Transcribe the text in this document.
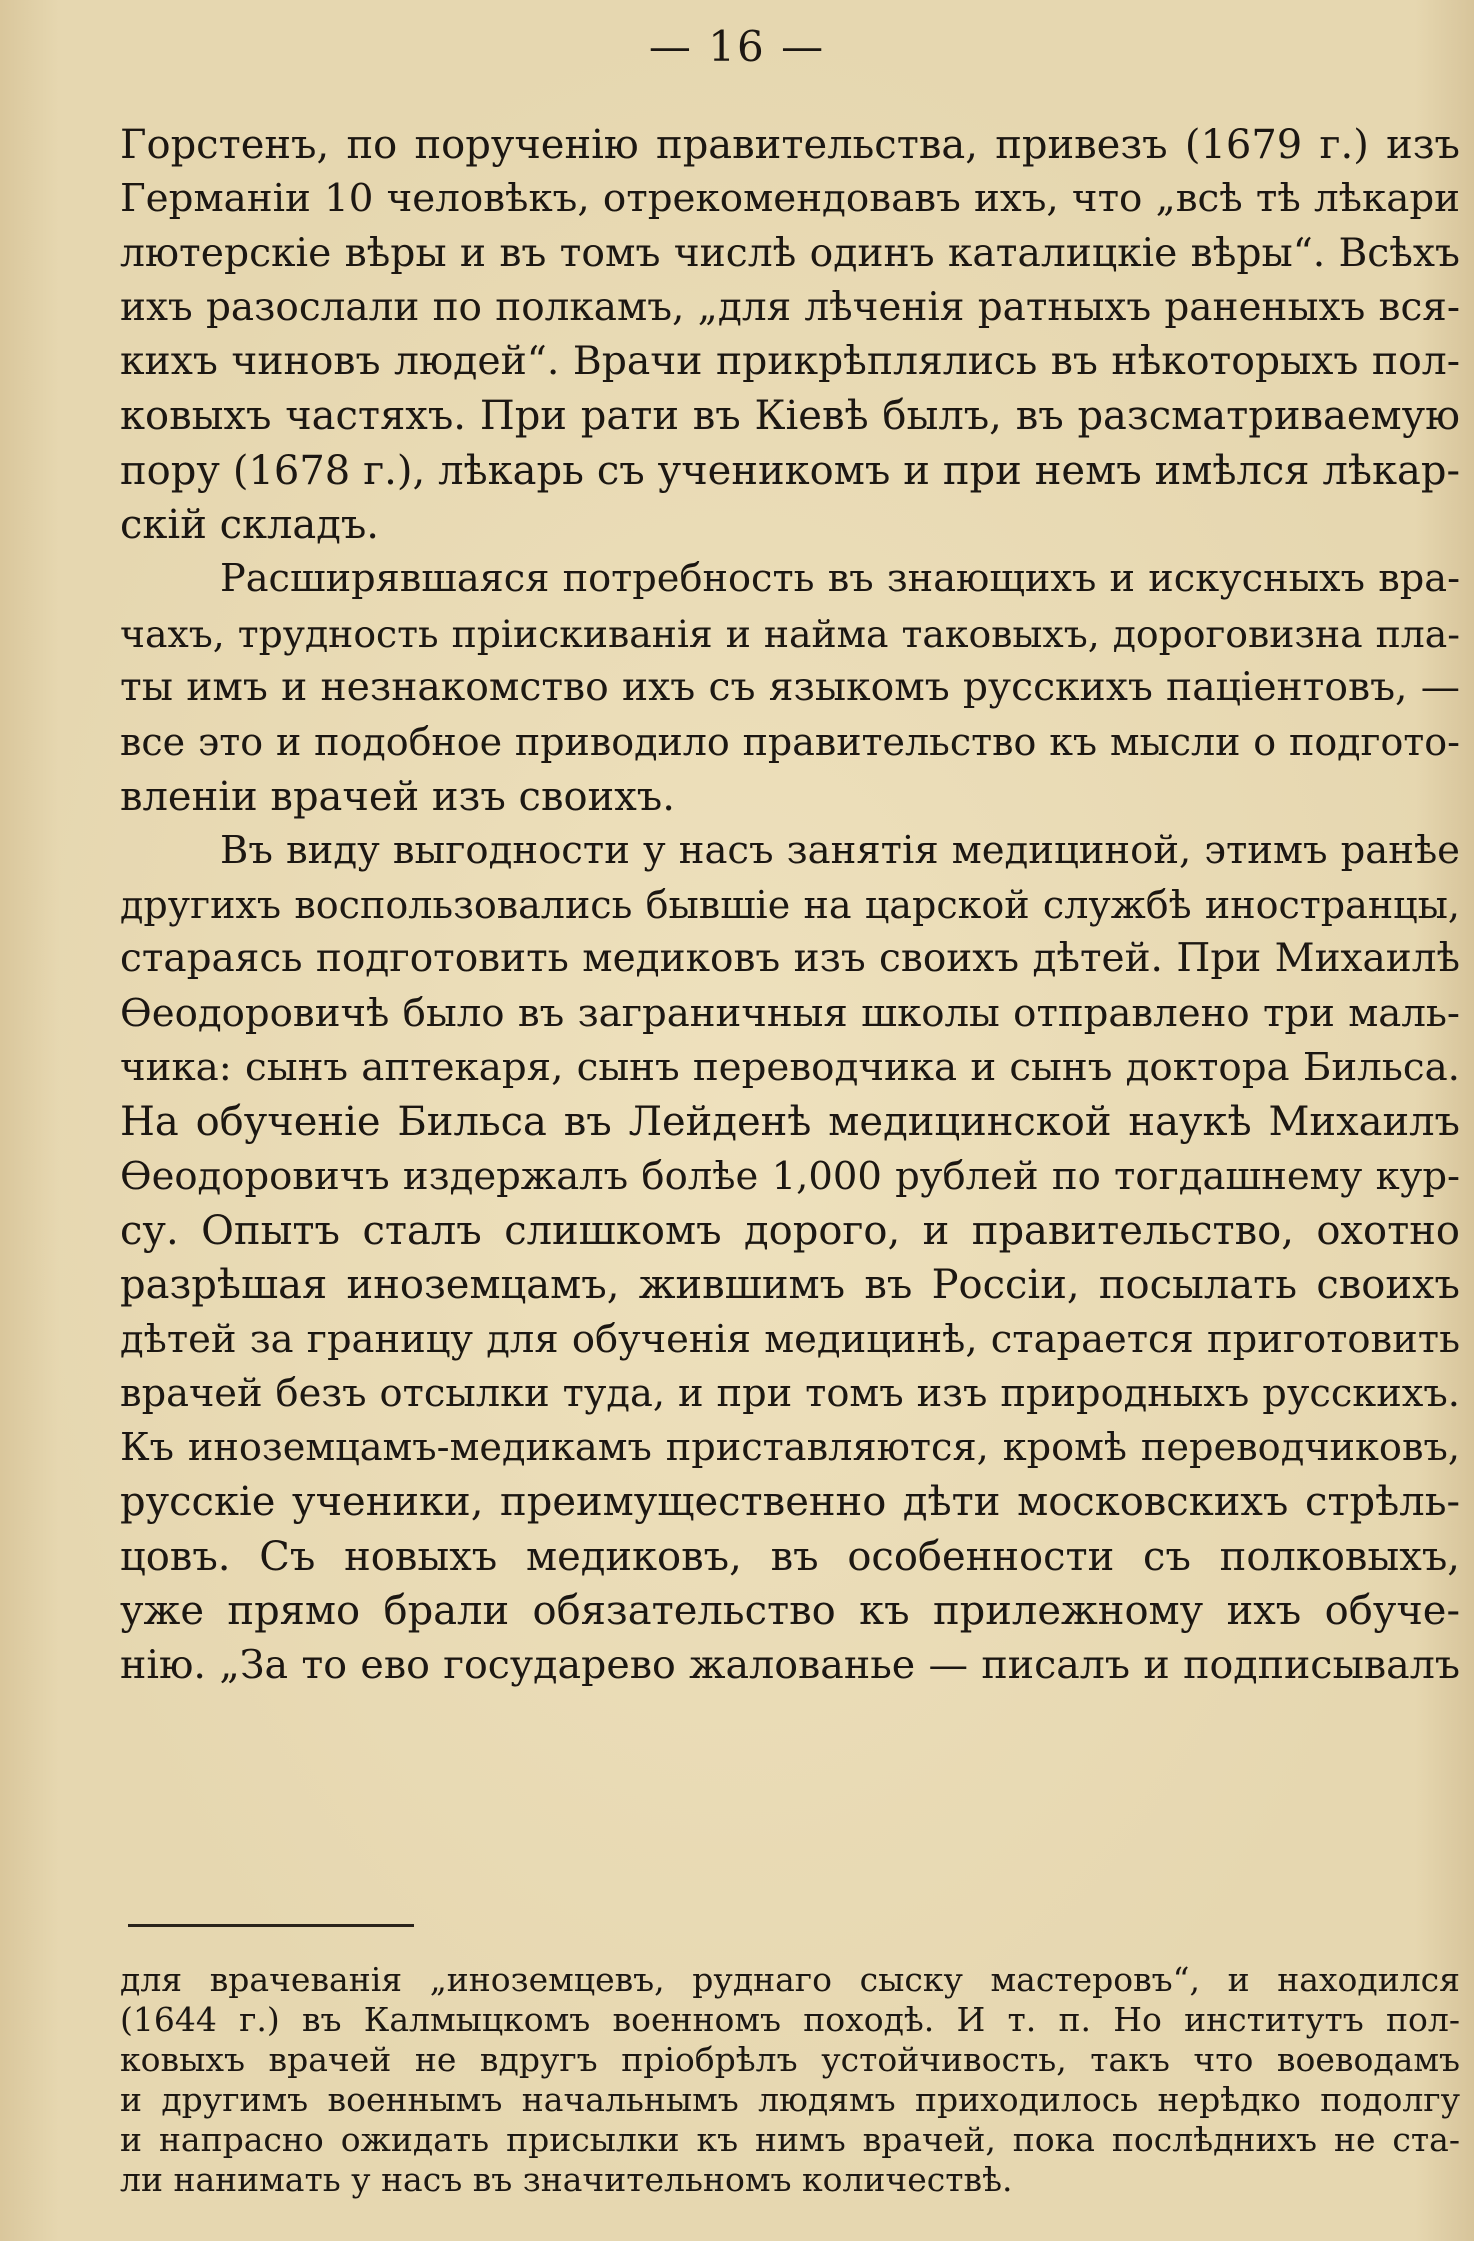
— 16 —
Горстенъ, по порученію правительства, привезъ (1679 г.) изъ
Германіи 10 человѣкъ, отрекомендовавъ ихъ, что „всѣ тѣ лѣкари
лютерскіе вѣры и въ томъ числѣ одинъ каталицкіе вѣры“. Всѣхъ
ихъ разослали по полкамъ, „для лѣченія ратныхъ раненыхъ вся-
кихъ чиновъ людей“. Врачи прикрѣплялись въ нѣкоторыхъ пол-
ковыхъ частяхъ. При рати въ Кіевѣ былъ, въ разсматриваемую
пору (1678 г.), лѣкарь съ ученикомъ и при немъ имѣлся лѣкар-
скій складъ.
Расширявшаяся потребность въ знающихъ и искусныхъ вра-
чахъ, трудность пріискиванія и найма таковыхъ, дороговизна пла-
ты имъ и незнакомство ихъ съ языкомъ русскихъ паціентовъ, —
все это и подобное приводило правительство къ мысли о подгото-
вленіи врачей изъ своихъ.
Въ виду выгодности у насъ занятія медициной, этимъ ранѣе
другихъ воспользовались бывшіе на царской службѣ иностранцы,
стараясь подготовить медиковъ изъ своихъ дѣтей. При Михаилѣ
Ѳеодоровичѣ было въ заграничныя школы отправлено три маль-
чика: сынъ аптекаря, сынъ переводчика и сынъ доктора Бильса.
На обученіе Бильса въ Лейденѣ медицинской наукѣ Михаилъ
Ѳеодоровичъ издержалъ болѣе 1,000 рублей по тогдашнему кур-
су. Опытъ сталъ слишкомъ дорого, и правительство, охотно
разрѣшая иноземцамъ, жившимъ въ Россіи, посылать своихъ
дѣтей за границу для обученія медицинѣ, старается приготовить
врачей безъ отсылки туда, и при томъ изъ природныхъ русскихъ.
Къ иноземцамъ-медикамъ приставляются, кромѣ переводчиковъ,
русскіе ученики, преимущественно дѣти московскихъ стрѣль-
цовъ. Съ новыхъ медиковъ, въ особенности съ полковыхъ,
уже прямо брали обязательство къ прилежному ихъ обуче-
нію. „За то ево государево жалованье — писалъ и подписывалъ
для врачеванія „иноземцевъ, руднаго сыску мастеровъ“, и находился
(1644 г.) въ Калмыцкомъ военномъ походѣ. И т. п. Но институтъ пол-
ковыхъ врачей не вдругъ пріобрѣлъ устойчивость, такъ что воеводамъ
и другимъ военнымъ начальнымъ людямъ приходилось нерѣдко подолгу
и напрасно ожидать присылки къ нимъ врачей, пока послѣднихъ не ста-
ли нанимать у насъ въ значительномъ количествѣ.
